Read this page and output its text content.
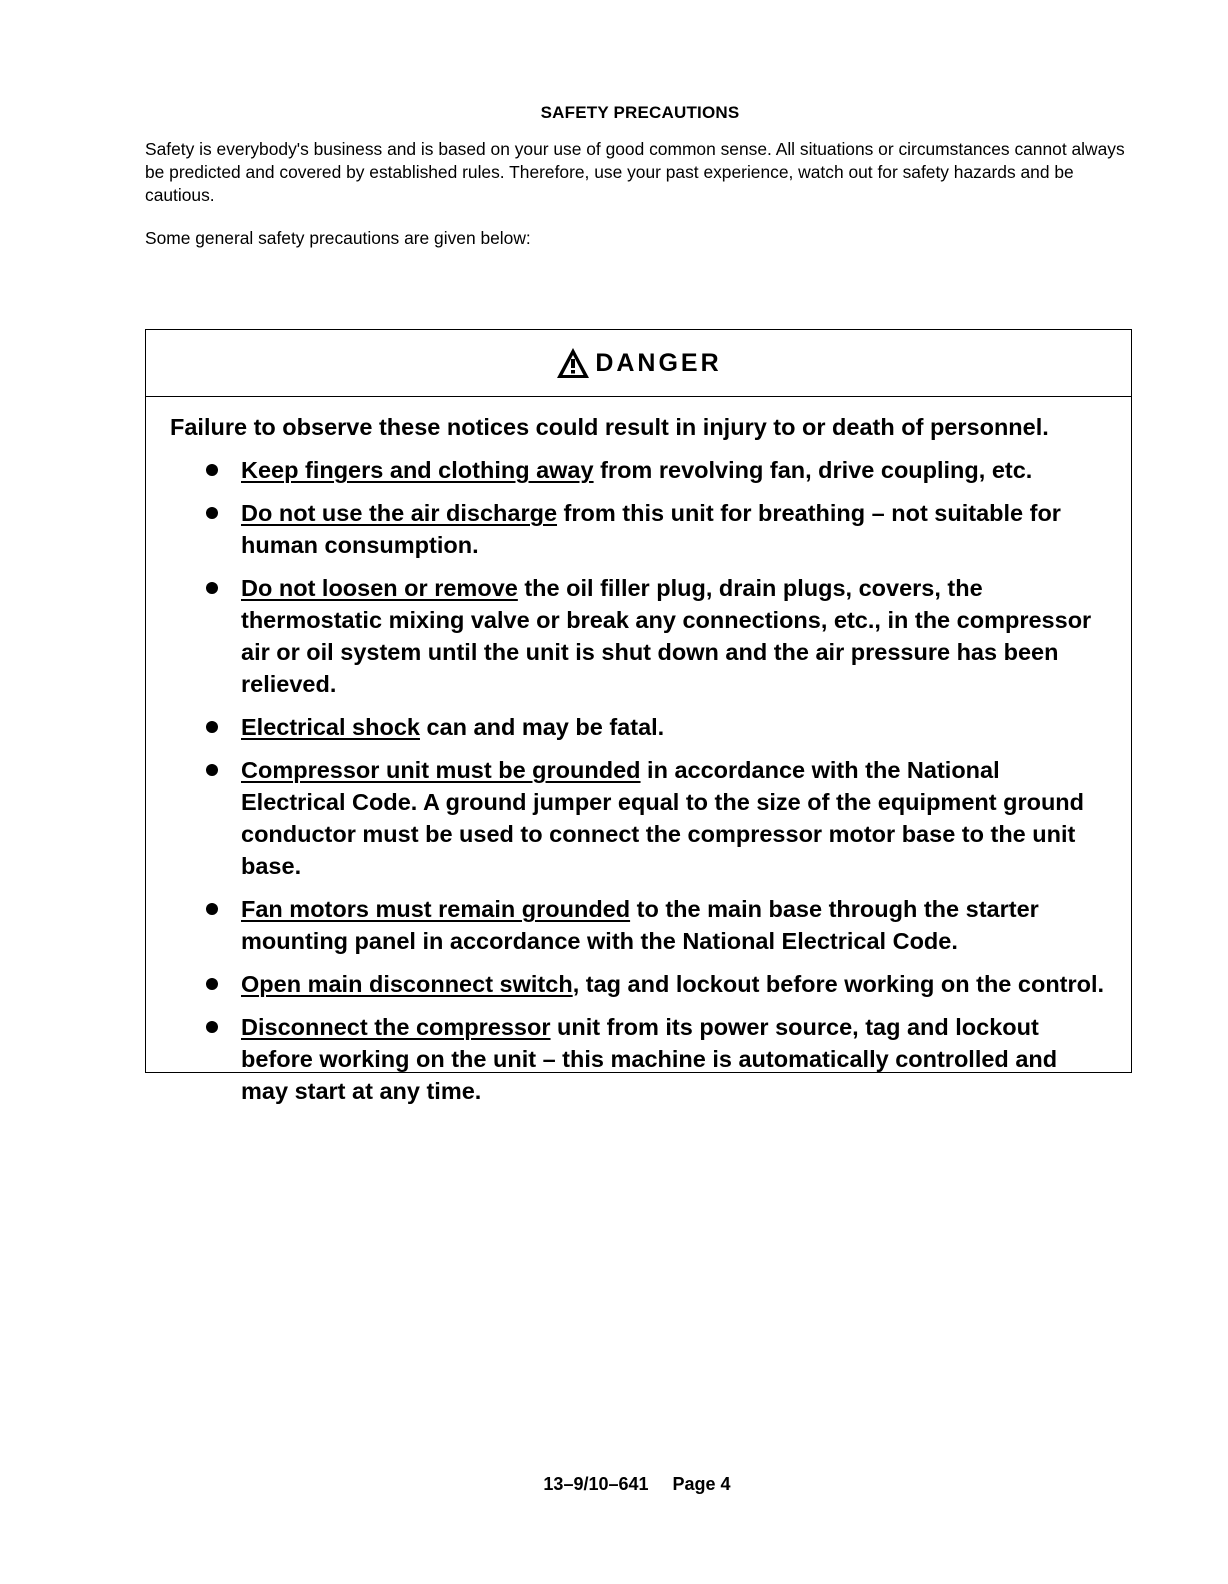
SAFETY PRECAUTIONS
Safety is everybody's business and is based on your use of good common sense. All situations or circumstances cannot always be predicted and covered by established rules. Therefore, use your past experience, watch out for safety hazards and be cautious.
Some general safety precautions are given below:
DANGER

Failure to observe these notices could result in injury to or death of personnel.

Keep fingers and clothing away from revolving fan, drive coupling, etc.
Do not use the air discharge from this unit for breathing – not suitable for human consumption.
Do not loosen or remove the oil filler plug, drain plugs, covers, the thermostatic mixing valve or break any connections, etc., in the compressor air or oil system until the unit is shut down and the air pressure has been relieved.
Electrical shock can and may be fatal.
Compressor unit must be grounded in accordance with the National Electrical Code. A ground jumper equal to the size of the equipment ground conductor must be used to connect the compressor motor base to the unit base.
Fan motors must remain grounded to the main base through the starter mounting panel in accordance with the National Electrical Code.
Open main disconnect switch, tag and lockout before working on the control.
Disconnect the compressor unit from its power source, tag and lockout before working on the unit – this machine is automatically controlled and may start at any time.
13–9/10–641 Page 4
